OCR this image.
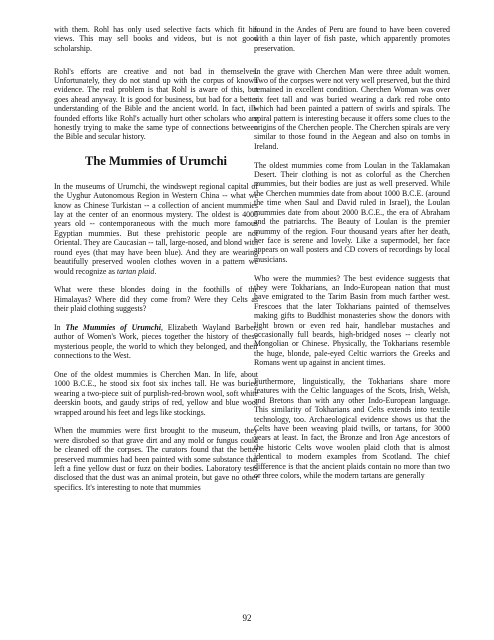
with them. Rohl has only used selective facts which fit his views. This may sell books and videos, but is not good scholarship.

Rohl's efforts are creative and not bad in themselves. Unfortunately, they do not stand up with the corpus of known evidence. The real problem is that Rohl is aware of this, but goes ahead anyway. It is good for business, but bad for a better understanding of the Bible and the ancient world. In fact, ill-founded efforts like Rohl's actually hurt other scholars who are honestly trying to make the same type of connections between the Bible and secular history.

The Mummies of Urumchi

In the museums of Urumchi, the windswept regional capital of the Uyghur Autonomous Region in Western China -- what we know as Chinese Turkistan -- a collection of ancient mummies lay at the center of an enormous mystery. The oldest is 4000 years old -- contemporaneous with the much more famous Egyptian mummies. But these prehistoric people are not Oriental. They are Caucasian -- tall, large-nosed, and blond with round eyes (that may have been blue). And they are wearing beautifully preserved woolen clothes woven in a pattern we would recognize as tartan plaid.

What were these blondes doing in the foothills of the Himalayas? Where did they come from? Were they Celts as their plaid clothing suggests?

In The Mummies of Urumchi, Elizabeth Wayland Barber, author of Women's Work, pieces together the history of these mysterious people, the world to which they belonged, and their connections to the West.

One of the oldest mummies is Cherchen Man. In life, about 1000 B.C.E., he stood six foot six inches tall. He was buried wearing a two-piece suit of purplish-red-brown wool, soft white deerskin boots, and gaudy strips of red, yellow and blue wool wrapped around his feet and legs like stockings.

When the mummies were first brought to the museum, they were disrobed so that grave dirt and any mold or fungus could be cleaned off the corpses. The curators found that the better preserved mummies had been painted with some substance that left a fine yellow dust or fuzz on their bodies. Laboratory tests disclosed that the dust was an animal protein, but gave no other specifics. It's interesting to note that mummies

found in the Andes of Peru are found to have been covered with a thin layer of fish paste, which apparently promotes preservation.

In the grave with Cherchen Man were three adult women. Two of the corpses were not very well preserved, but the third remained in excellent condition. Cherchen Woman was over six feet tall and was buried wearing a dark red robe onto which had been painted a pattern of swirls and spirals. The spiral pattern is interesting because it offers some clues to the origins of the Cherchen people. The Cherchen spirals are very similar to those found in the Aegean and also on tombs in Ireland.

The oldest mummies come from Loulan in the Taklamakan Desert. Their clothing is not as colorful as the Cherchen mummies, but their bodies are just as well preserved. While the Cherchen mummies date from about 1000 B.C.E. (around the time when Saul and David ruled in Israel), the Loulan mummies date from about 2000 B.C.E., the era of Abraham and the patriarchs. The Beauty of Loulan is the premier mummy of the region. Four thousand years after her death, her face is serene and lovely. Like a supermodel, her face appears on wall posters and CD covers of recordings by local musicians.

Who were the mummies? The best evidence suggests that they were Tokharians, an Indo-European nation that must have emigrated to the Tarim Basin from much farther west. Frescoes that the later Tokharians painted of themselves making gifts to Buddhist monasteries show the donors with light brown or even red hair, handlebar mustaches and occasionally full beards, high-bridged noses -- clearly not Mongolian or Chinese. Physically, the Tokharians resemble the huge, blonde, pale-eyed Celtic warriors the Greeks and Romans went up against in ancient times.

Furthermore, linguistically, the Tokharians share more features with the Celtic languages of the Scots, Irish, Welsh, and Bretons than with any other Indo-European language. This similarity of Tokharians and Celts extends into textile technology, too. Archaeological evidence shows us that the Celts have been weaving plaid twills, or tartans, for 3000 years at least. In fact, the Bronze and Iron Age ancestors of the historic Celts wove woolen plaid cloth that is almost identical to modern examples from Scotland. The chief difference is that the ancient plaids contain no more than two or three colors, while the modern tartans are generally

92
